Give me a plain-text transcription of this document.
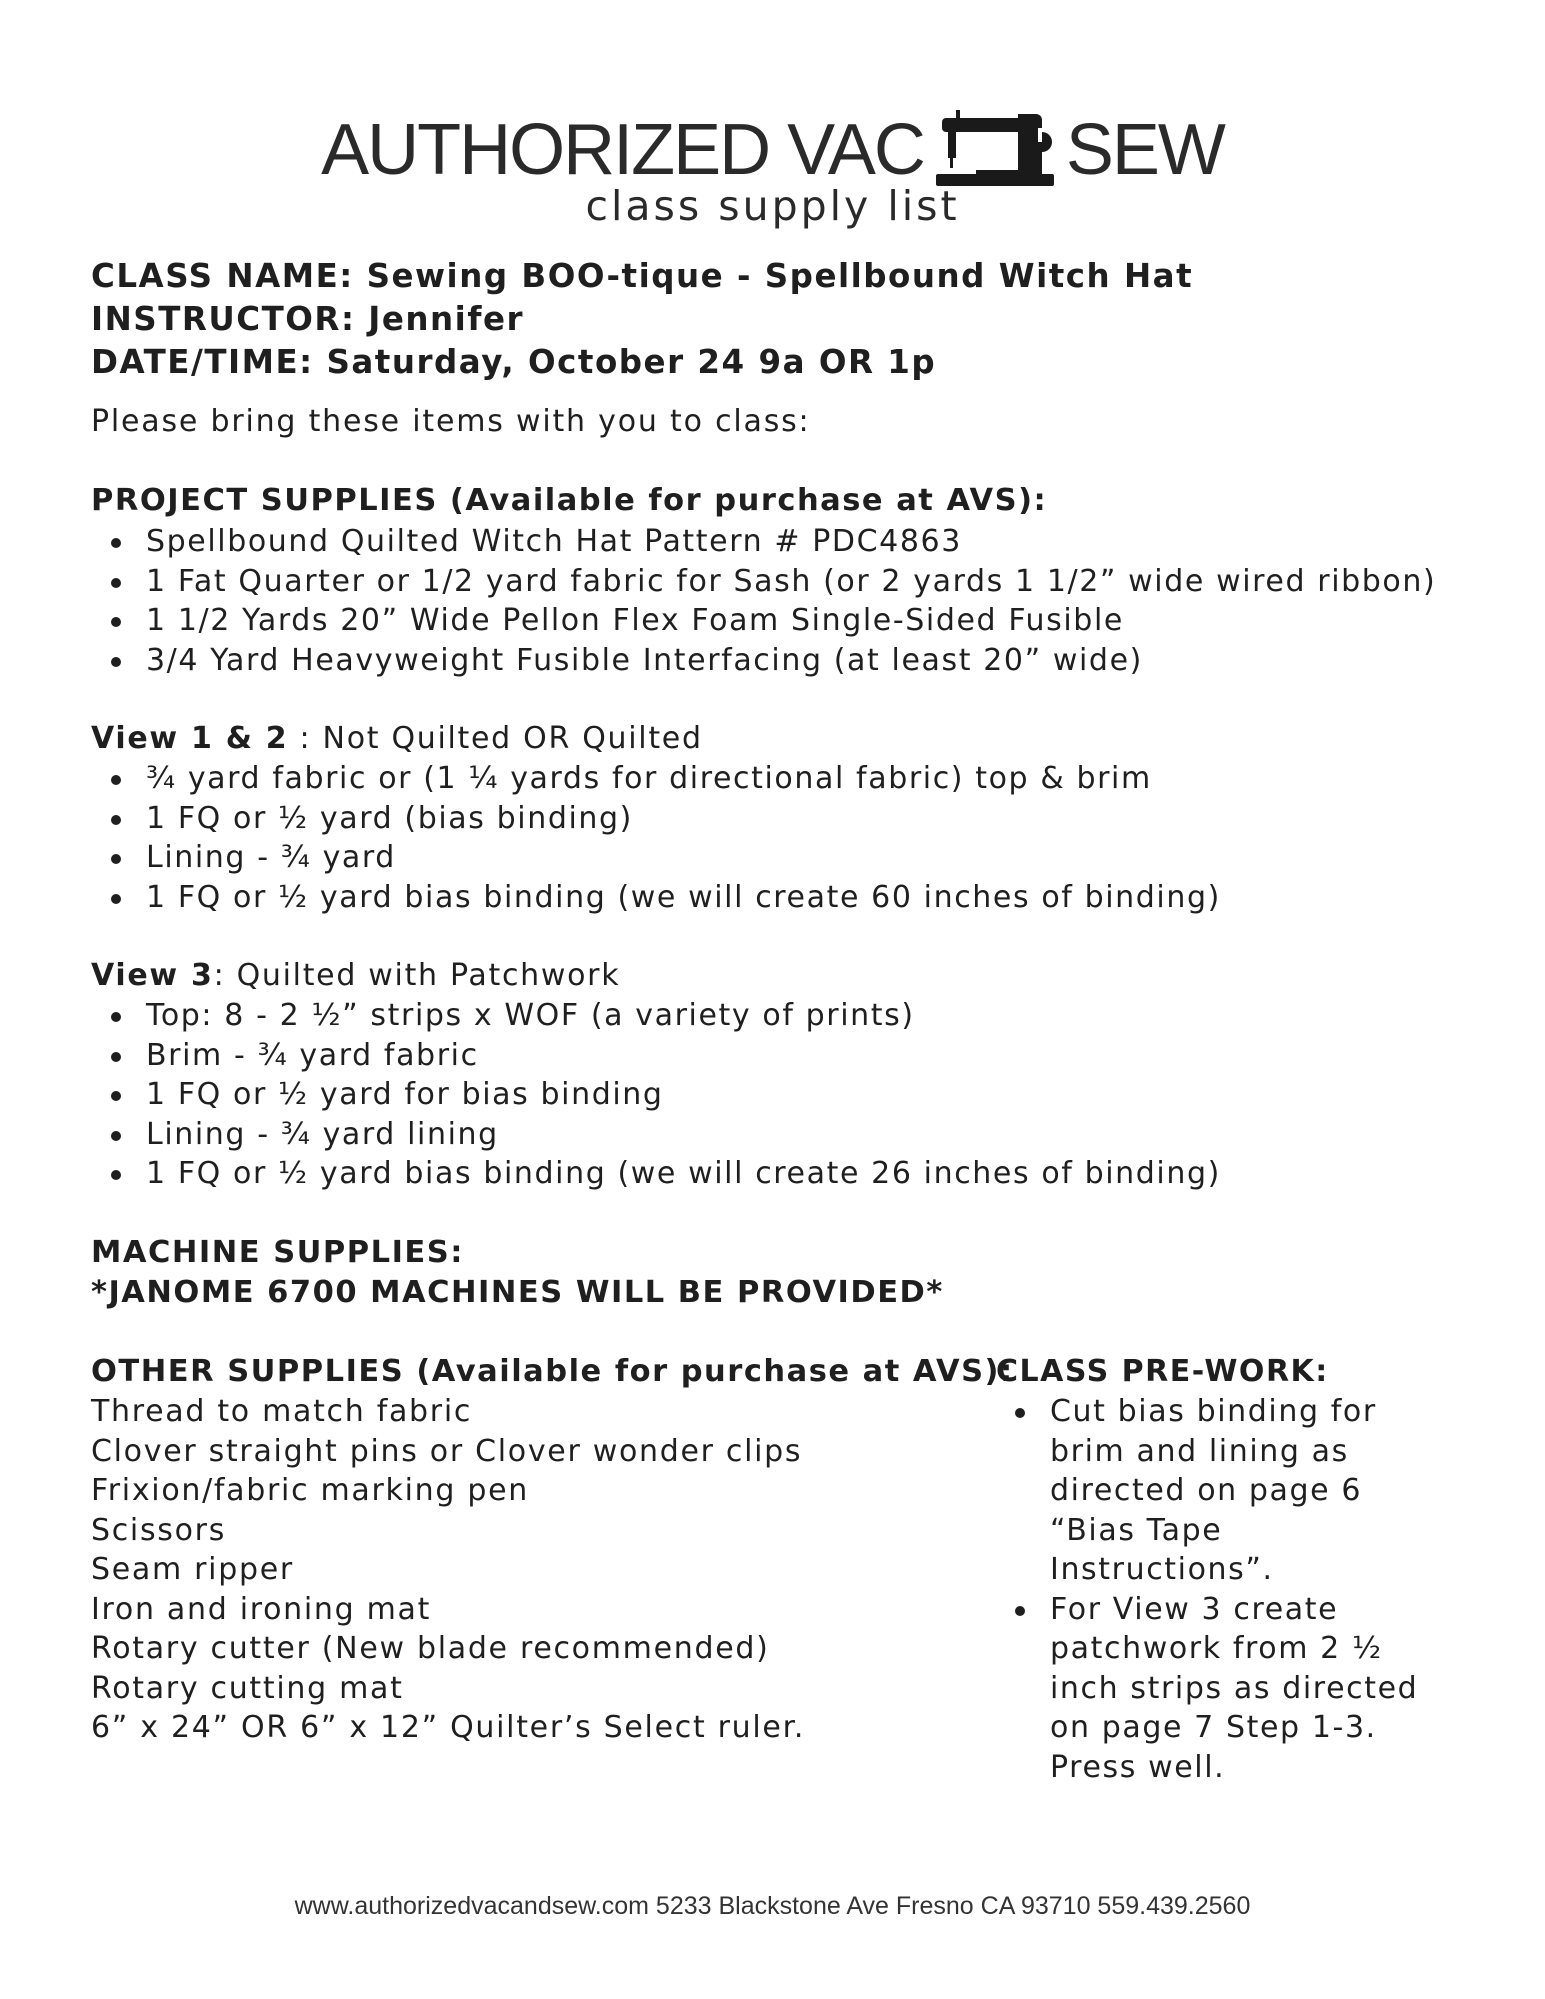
AUTHORIZED VAC SEW
class supply list
CLASS NAME: Sewing BOO-tique - Spellbound Witch Hat
INSTRUCTOR: Jennifer
DATE/TIME: Saturday, October 24 9a OR 1p
Please bring these items with you to class:
PROJECT SUPPLIES (Available for purchase at AVS):
Spellbound Quilted Witch Hat Pattern # PDC4863
1 Fat Quarter or 1/2 yard fabric for Sash (or 2 yards 1 1/2” wide wired ribbon)
1 1/2 Yards 20” Wide Pellon Flex Foam Single-Sided Fusible
3/4 Yard Heavyweight Fusible Interfacing (at least 20” wide)
View 1 & 2 : Not Quilted OR Quilted
¾ yard fabric or (1 ¼ yards for directional fabric) top & brim
1 FQ or ½ yard (bias binding)
Lining - ¾ yard
1 FQ or ½ yard bias binding (we will create 60 inches of binding)
View 3: Quilted with Patchwork
Top: 8 - 2 ½” strips x WOF (a variety of prints)
Brim - ¾ yard fabric
1 FQ or ½ yard for bias binding
Lining - ¾ yard lining
1 FQ or ½ yard bias binding (we will create 26 inches of binding)
MACHINE SUPPLIES:
*JANOME 6700 MACHINES WILL BE PROVIDED*
OTHER SUPPLIES (Available for purchase at AVS):
Thread to match fabric
Clover straight pins or Clover wonder clips
Frixion/fabric marking pen
Scissors
Seam ripper
Iron and ironing mat
Rotary cutter (New blade recommended)
Rotary cutting mat
6” x 24” OR 6” x 12” Quilter’s Select ruler.
CLASS PRE-WORK:
Cut bias binding for brim and lining as directed on page 6 “Bias Tape Instructions”.
For View 3 create patchwork from 2 ½ inch strips as directed on page 7 Step 1-3. Press well.
www.authorizedvacandsew.com 5233 Blackstone Ave Fresno CA 93710 559.439.2560
